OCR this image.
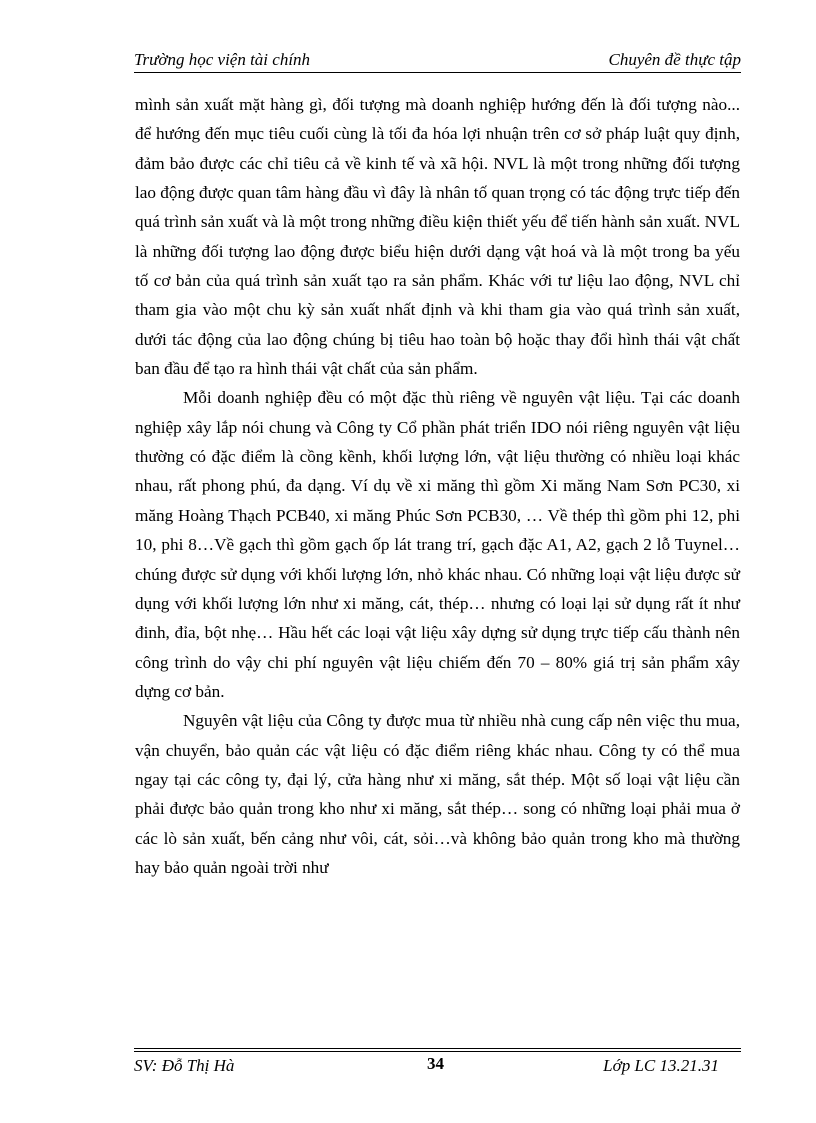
Trường học viện tài chính	Chuyên đề thực tập

mình sản xuất mặt hàng gì, đối tượng mà doanh nghiệp hướng đến là đối tượng nào... để hướng đến mục tiêu cuối cùng là tối đa hóa lợi nhuận trên cơ sở pháp luật quy định, đảm bảo được các chỉ tiêu cả về kinh tế và xã hội. NVL là một trong những đối tượng lao động được quan tâm hàng đầu vì đây là nhân tố quan trọng có tác động trực tiếp đến quá trình sản xuất và là một trong những điều kiện thiết yếu để tiến hành sản xuất. NVL là những đối tượng lao động được biểu hiện dưới dạng vật hoá và là một trong ba yếu tố cơ bản của quá trình sản xuất tạo ra sản phẩm. Khác với tư liệu lao động, NVL chỉ tham gia vào một chu kỳ sản xuất nhất định và khi tham gia vào quá trình sản xuất, dưới tác động của lao động chúng bị tiêu hao toàn bộ hoặc thay đổi hình thái vật chất ban đầu để tạo ra hình thái vật chất của sản phẩm.

Mỗi doanh nghiệp đều có một đặc thù riêng về nguyên vật liệu. Tại các doanh nghiệp xây lắp nói chung và Công ty Cổ phần phát triển IDO nói riêng nguyên vật liệu thường có đặc điểm là cồng kềnh, khối lượng lớn, vật liệu thường có nhiều loại khác nhau, rất phong phú, đa dạng. Ví dụ về xi măng thì gồm Xi măng Nam Sơn PC30, xi măng Hoàng Thạch PCB40, xi măng Phúc Sơn PCB30, … Về thép thì gồm phi 12, phi 10, phi 8…Về gạch thì gồm gạch ốp lát trang trí, gạch đặc A1, A2, gạch 2 lỗ Tuynel… chúng được sử dụng với khối lượng lớn, nhỏ khác nhau. Có những loại vật liệu được sử dụng với khối lượng lớn như xi măng, cát, thép… nhưng có loại lại sử dụng rất ít như đinh, đỉa, bột nhẹ… Hầu hết các loại vật liệu xây dựng sử dụng trực tiếp cấu thành nên công trình do vậy chi phí nguyên vật liệu chiếm đến 70 – 80% giá trị sản phẩm xây dựng cơ bản.

Nguyên vật liệu của Công ty được mua từ nhiều nhà cung cấp nên việc thu mua, vận chuyển, bảo quản các vật liệu có đặc điểm riêng khác nhau. Công ty có thể mua ngay tại các công ty, đại lý, cửa hàng như xi măng, sắt thép. Một số loại vật liệu cần phải được bảo quản trong kho như xi măng, sắt thép… song có những loại phải mua ở các lò sản xuất, bến cảng như vôi, cát, sỏi…và không bảo quản trong kho mà thường hay bảo quản ngoài trời như

SV: Đỗ Thị Hà	34	Lớp LC 13.21.31
